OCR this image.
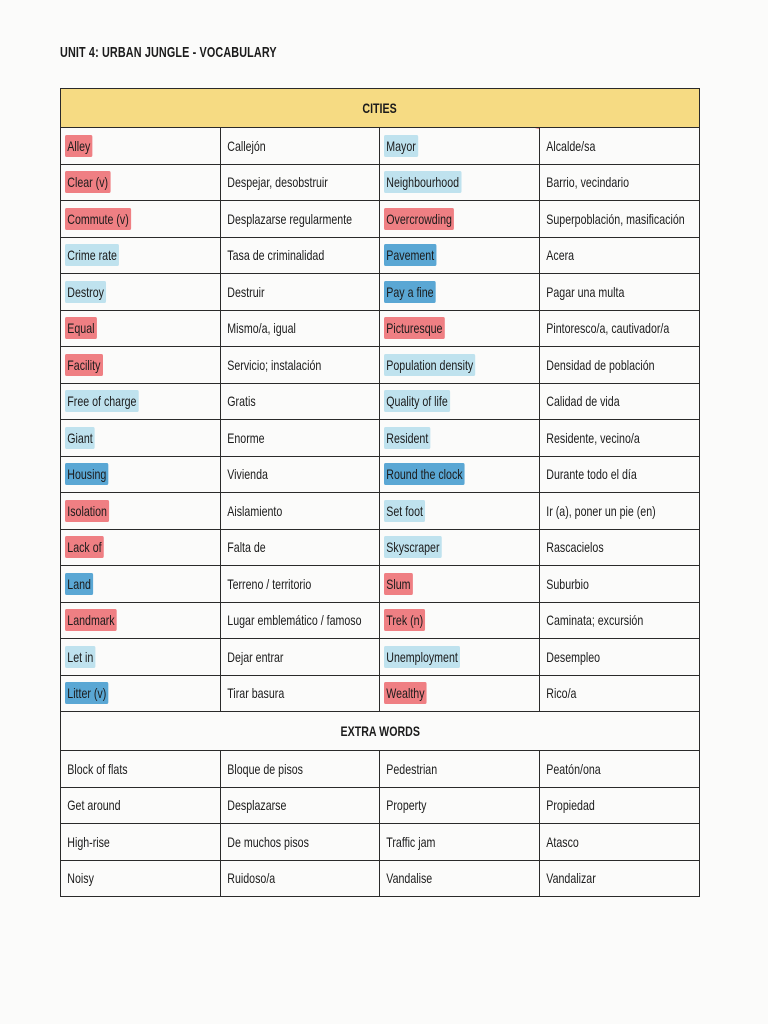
UNIT 4: URBAN JUNGLE - VOCABULARY
CITIES			
Alley	Callejón	Mayor	Alcalde/sa
Clear (v)	Despejar, desobstruir	Neighbourhood	Barrio, vecindario
Commute (v)	Desplazarse regularmente	Overcrowding	Superpoblación, masificación
Crime rate	Tasa de criminalidad	Pavement	Acera
Destroy	Destruir	Pay a fine	Pagar una multa
Equal	Mismo/a, igual	Picturesque	Pintoresco/a, cautivador/a
Facility	Servicio; instalación	Population density	Densidad de población
Free of charge	Gratis	Quality of life	Calidad de vida
Giant	Enorme	Resident	Residente, vecino/a
Housing	Vivienda	Round the clock	Durante todo el día
Isolation	Aislamiento	Set foot	Ir (a), poner un pie (en)
Lack of	Falta de	Skyscraper	Rascacielos
Land	Terreno / territorio	Slum	Suburbio
Landmark	Lugar emblemático / famoso	Trek (n)	Caminata; excursión
Let in	Dejar entrar	Unemployment	Desempleo
Litter (v)	Tirar basura	Wealthy	Rico/a
EXTRA WORDS			
Block of flats	Bloque de pisos	Pedestrian	Peatón/ona
Get around	Desplazarse	Property	Propiedad
High-rise	De muchos pisos	Traffic jam	Atasco
Noisy	Ruidoso/a	Vandalise	Vandalizar
